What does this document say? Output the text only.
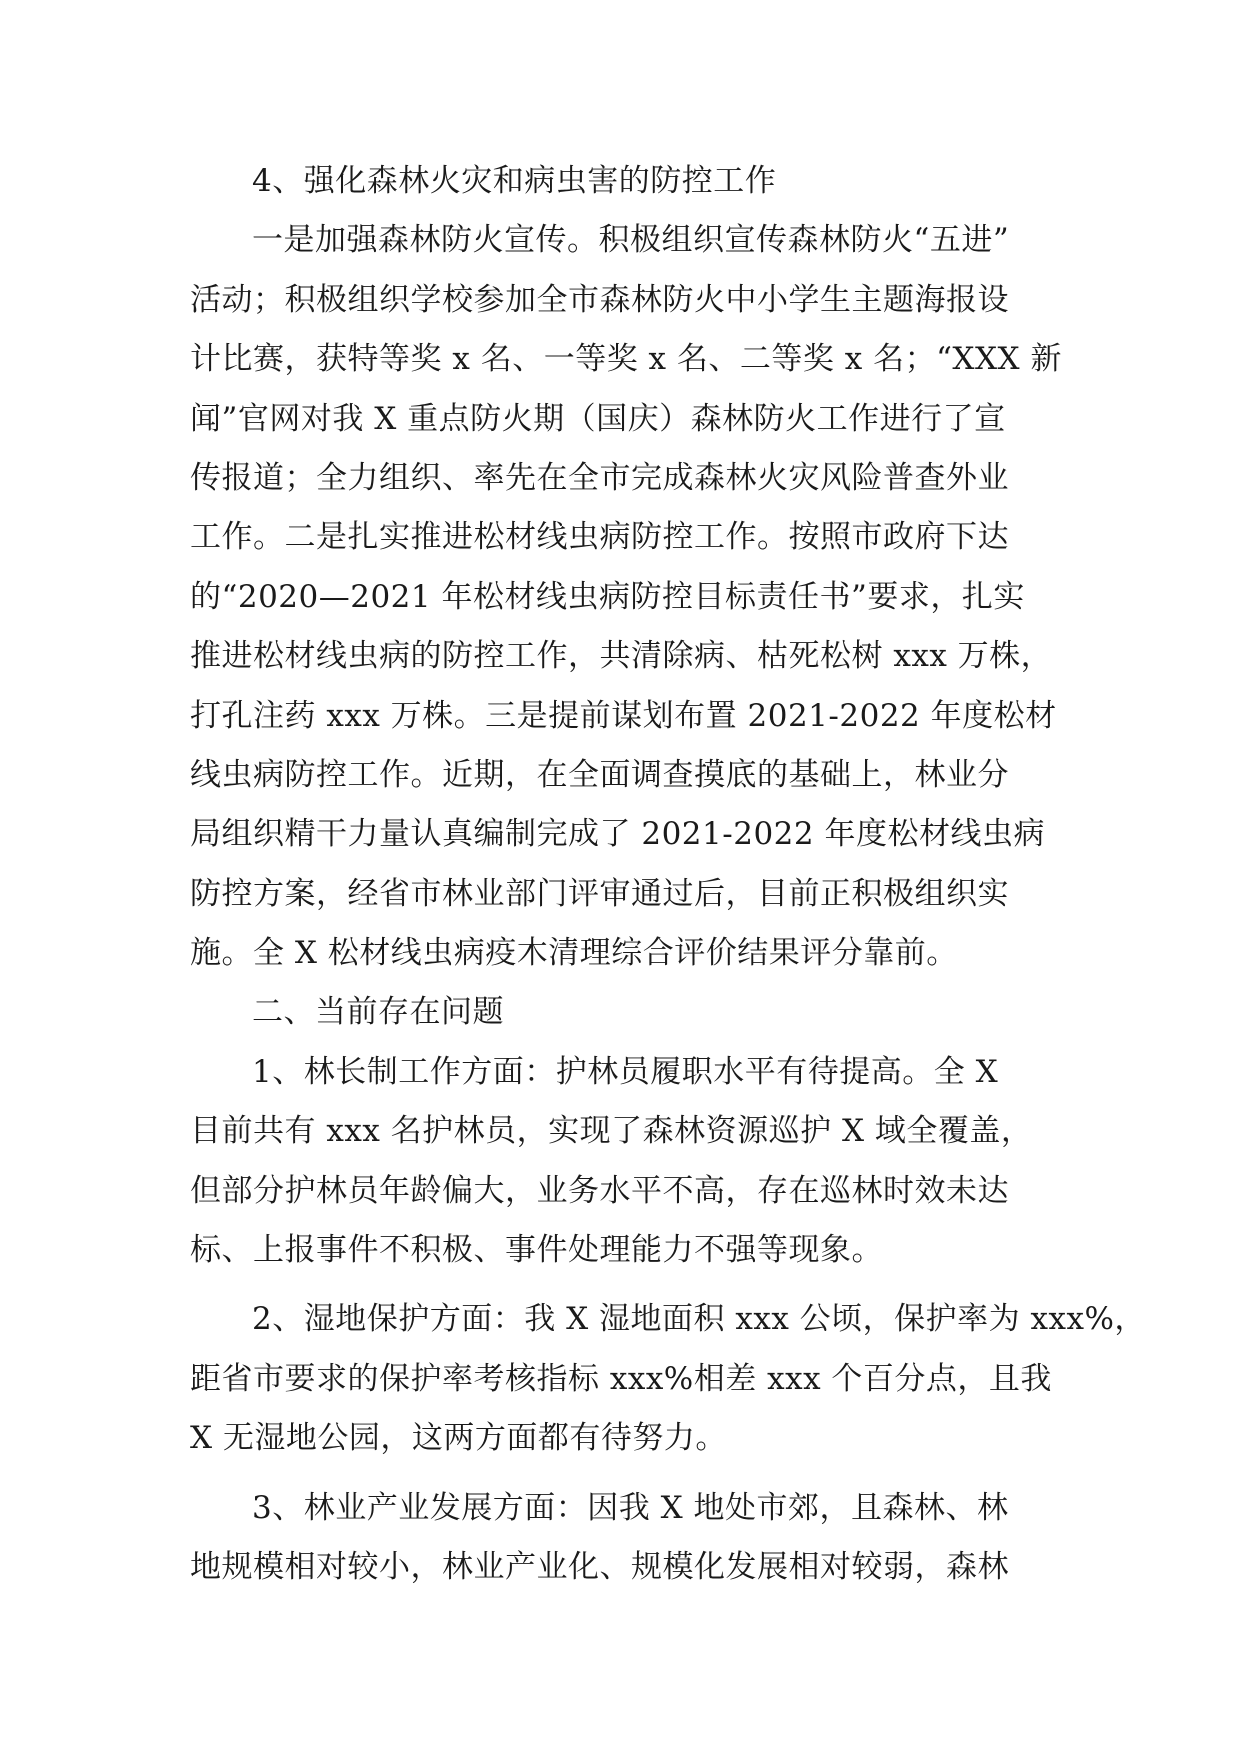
4、强化森林火灾和病虫害的防控工作
一是加强森林防火宣传。积极组织宣传森林防火“五进”
活动；积极组织学校参加全市森林防火中小学生主题海报设
计比赛，获特等奖 x 名、一等奖 x 名、二等奖 x 名；“XXX 新
闻”官网对我 X 重点防火期（国庆）森林防火工作进行了宣
传报道；全力组织、率先在全市完成森林火灾风险普查外业
工作。二是扎实推进松材线虫病防控工作。按照市政府下达
的“2020—2021 年松材线虫病防控目标责任书”要求，扎实
推进松材线虫病的防控工作，共清除病、枯死松树 xxx 万株，
打孔注药 xxx 万株。三是提前谋划布置 2021-2022 年度松材
线虫病防控工作。近期，在全面调查摸底的基础上，林业分
局组织精干力量认真编制完成了 2021-2022 年度松材线虫病
防控方案，经省市林业部门评审通过后，目前正积极组织实
施。全 X 松材线虫病疫木清理综合评价结果评分靠前。
二、当前存在问题
1、林长制工作方面：护林员履职水平有待提高。全 X
目前共有 xxx 名护林员，实现了森林资源巡护 X 域全覆盖，
但部分护林员年龄偏大，业务水平不高，存在巡林时效未达
标、上报事件不积极、事件处理能力不强等现象。
2、湿地保护方面：我 X 湿地面积 xxx 公顷，保护率为 xxx%，
距省市要求的保护率考核指标 xxx%相差 xxx 个百分点，且我
X 无湿地公园，这两方面都有待努力。
3、林业产业发展方面：因我 X 地处市郊，且森林、林
地规模相对较小，林业产业化、规模化发展相对较弱，森林
